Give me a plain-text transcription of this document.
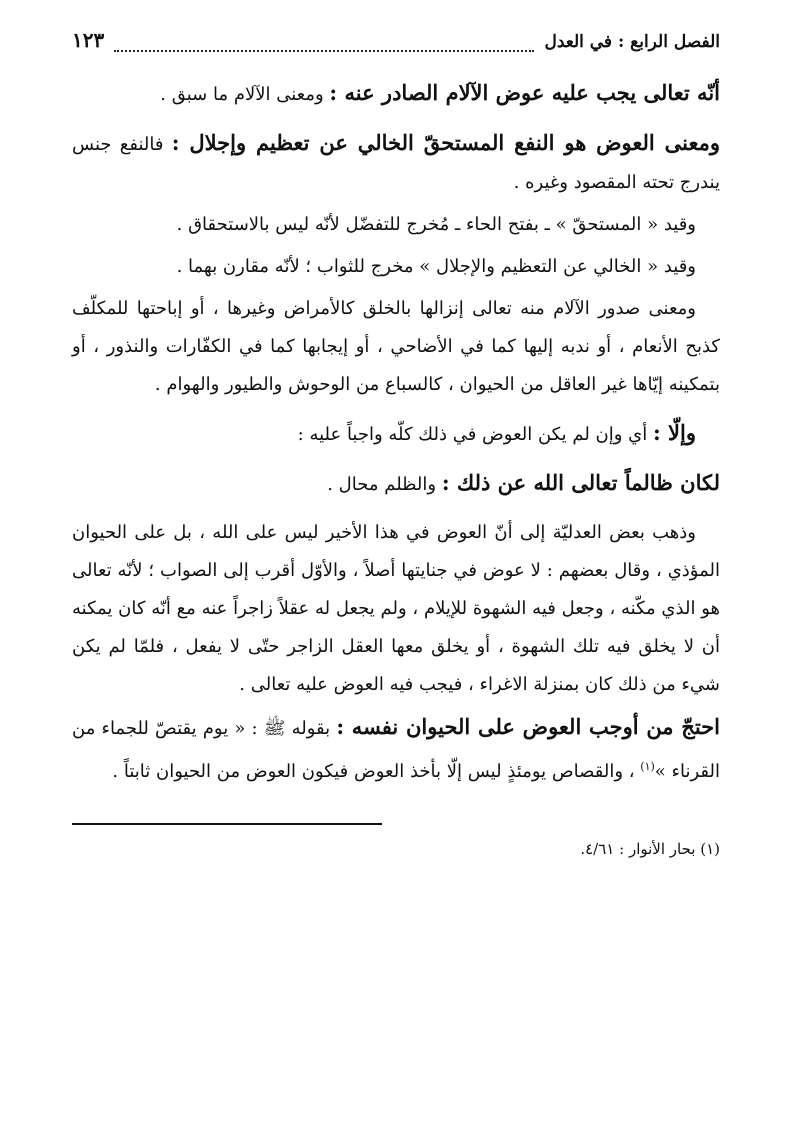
الفصل الرابع : في العدل
١٢٣

أنّه تعالى يجب عليه عوض الآلام الصادر عنه : ومعنى الآلام ما سبق .

ومعنى العوض هو النفع المستحقّ الخالي عن تعظيم وإجلال : فالنفع جنس يندرج تحته المقصود وغيره .

وقيد « المستحقّ » ـ بفتح الحاء ـ مُخرج للتفضّل لأنّه ليس بالاستحقاق .

وقيد « الخالي عن التعظيم والإجلال » مخرج للثواب ؛ لأنّه مقارن بهما .

ومعنى صدور الآلام منه تعالى إنزالها بالخلق كالأمراض وغيرها ، أو إباحتها للمكلّف كذبح الأنعام ، أو ندبه إليها كما في الأضاحي ، أو إيجابها كما في الكفّارات والنذور ، أو بتمكينه إيّاها غير العاقل من الحيوان ، كالسباع من الوحوش والطيور والهوام .

وإلّا : أي وإن لم يكن العوض في ذلك كلّه واجباً عليه :

لكان ظالماً تعالى الله عن ذلك : والظلم محال .

وذهب بعض العدليّة إلى أنّ العوض في هذا الأخير ليس على الله ، بل على الحيوان المؤذي ، وقال بعضهم : لا عوض في جنايتها أصلاً ، والأوّل أقرب إلى الصواب ؛ لأنّه تعالى هو الذي مكّنه ، وجعل فيه الشهوة للإيلام ، ولم يجعل له عقلاً زاجراً عنه مع أنّه كان يمكنه أن لا يخلق فيه تلك الشهوة ، أو يخلق معها العقل الزاجر حتّى لا يفعل ، فلمّا لم يكن شيء من ذلك كان بمنزلة الاغراء ، فيجب فيه العوض عليه تعالى .

احتجّ من أوجب العوض على الحيوان نفسه : بقوله ﷺ : « يوم يقتصّ للجماء من القرناء »$^{(١)}$ ، والقصاص يومئذٍ ليس إلّا بأخذ العوض فيكون العوض من الحيوان ثابتاً .

(١) بحار الأنوار : ٤/٦١.
